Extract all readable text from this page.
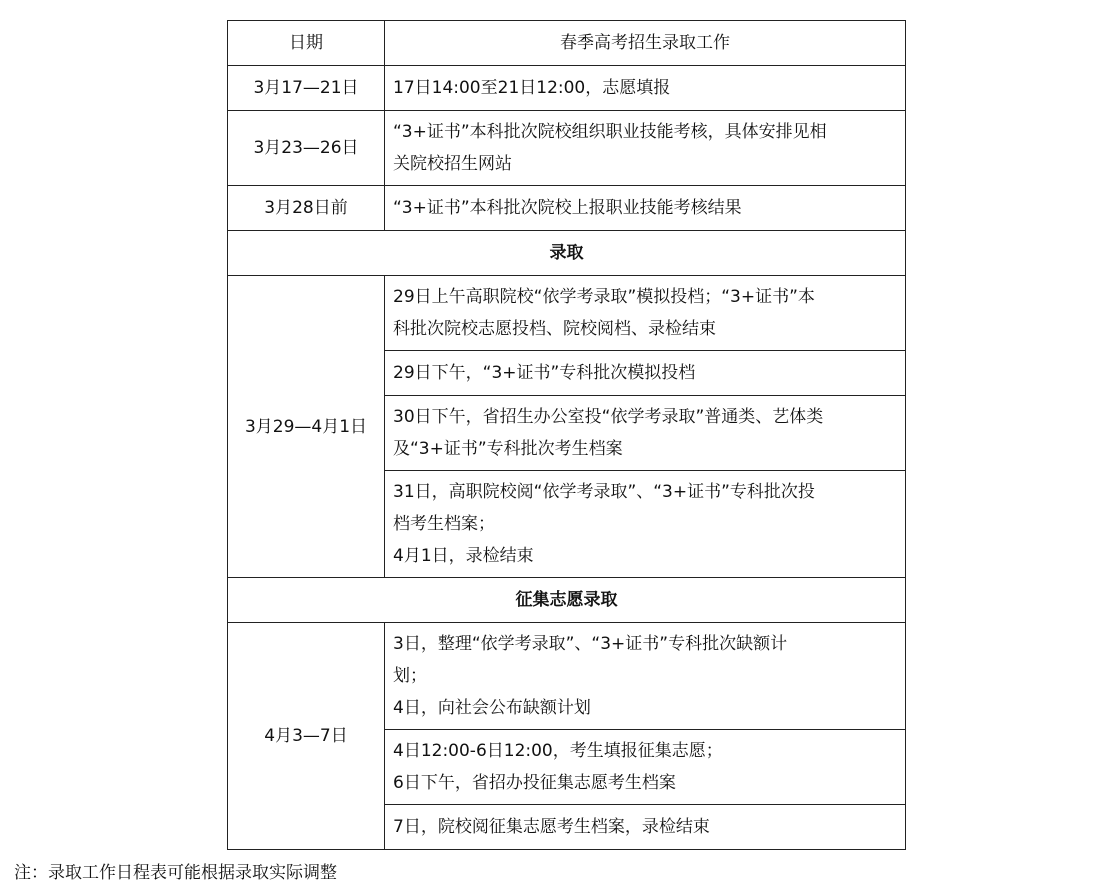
日期	春季高考招生录取工作
3月17—21日	17日14:00至21日12:00，志愿填报

3月23—26日	“3+证书”本科批次院校组织职业技能考核，具体安排见相
关院校招生网站

3月28日前	“3+证书”本科批次院校上报职业技能考核结果

录取	
3月29—4月1日	29日上午高职院校“依学考录取”模拟投档；“3+证书”本
科批次院校志愿投档、院校阅档、录检结束

	29日下午，“3+证书”专科批次模拟投档

	30日下午，省招生办公室投“依学考录取”普通类、艺体类
及“3+证书”专科批次考生档案

	31日，高职院校阅“依学考录取”、“3+证书”专科批次投
档考生档案；
4月1日，录检结束

征集志愿录取	
4月3—7日	3日，整理“依学考录取”、“3+证书”专科批次缺额计
划；
4日，向社会公布缺额计划

	4日12:00-6日12:00，考生填报征集志愿；
6日下午，省招办投征集志愿考生档案

	7日，院校阅征集志愿考生档案，录检结束
注：录取工作日程表可能根据录取实际调整
